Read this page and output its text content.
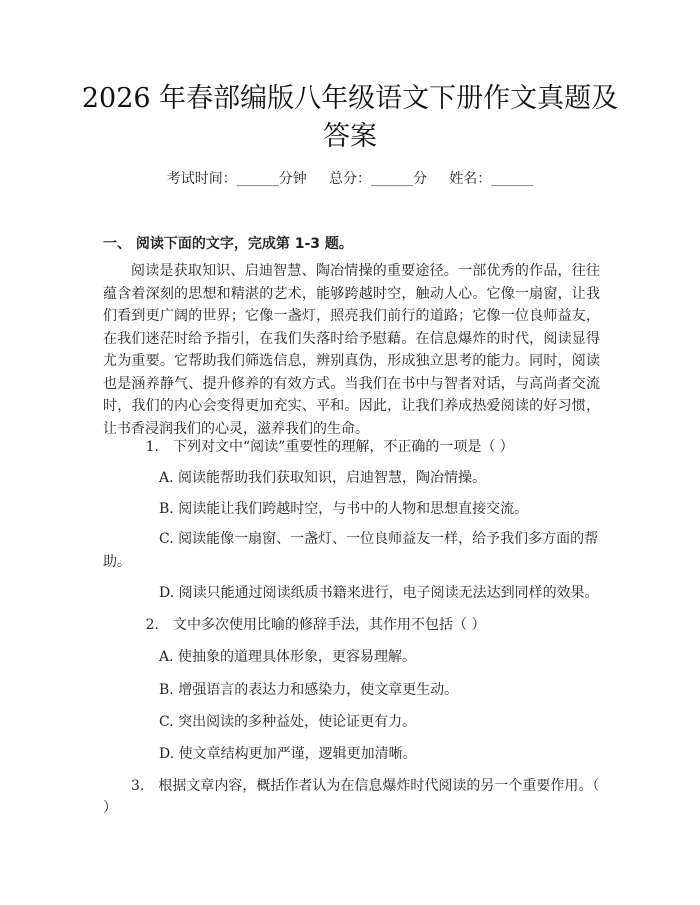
2026 年春部编版八年级语文下册作文真题及答案
考试时间：______分钟     总分：______分     姓名：______
一、 阅读下面的文字，完成第 1-3 题。
阅读是获取知识、启迪智慧、陶冶情操的重要途径。一部优秀的作品，往往蕴含着深刻的思想和精湛的艺术，能够跨越时空，触动人心。它像一扇窗，让我们看到更广阔的世界；它像一盏灯，照亮我们前行的道路；它像一位良师益友，在我们迷茫时给予指引，在我们失落时给予慰藉。在信息爆炸的时代，阅读显得尤为重要。它帮助我们筛选信息，辨别真伪，形成独立思考的能力。同时，阅读也是涵养静气、提升修养的有效方式。当我们在书中与智者对话，与高尚者交流时，我们的内心会变得更加充实、平和。因此，让我们养成热爱阅读的好习惯，让书香浸润我们的心灵，滋养我们的生命。
1. 下列对文中“阅读”重要性的理解，不正确的一项是（ ）
A. 阅读能帮助我们获取知识，启迪智慧，陶冶情操。
B. 阅读能让我们跨越时空，与书中的人物和思想直接交流。
C. 阅读能像一扇窗、一盏灯、一位良师益友一样，给予我们多方面的帮助。
D. 阅读只能通过阅读纸质书籍来进行，电子阅读无法达到同样的效果。
2. 文中多次使用比喻的修辞手法，其作用不包括（ ）
A. 使抽象的道理具体形象，更容易理解。
B. 增强语言的表达力和感染力，使文章更生动。
C. 突出阅读的多种益处，使论证更有力。
D. 使文章结构更加严谨，逻辑更加清晰。
3. 根据文章内容，概括作者认为在信息爆炸时代阅读的另一个重要作用。（ ）
